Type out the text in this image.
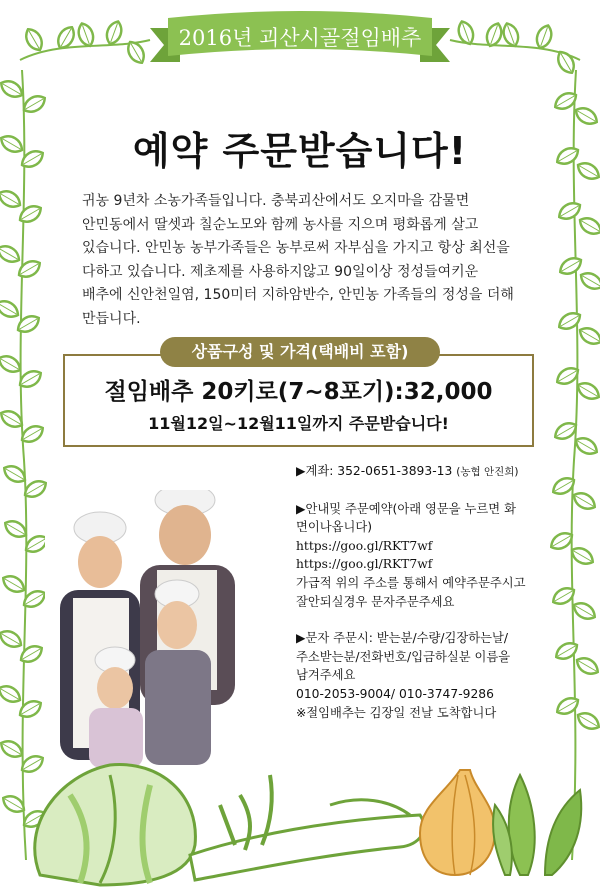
2016년 괴산시골절임배추
예약 주문받습니다!
귀농 9년차 소농가족들입니다. 충북괴산에서도 오지마을 감물면
안민동에서 딸셋과 칠순노모와 함께 농사를 지으며 평화롭게 살고
있습니다. 안민농 농부가족들은 농부로써 자부심을 가지고 항상 최선을
다하고 있습니다. 제초제를 사용하지않고 90일이상 정성들여키운
배추에 신안천일염, 150미터 지하암반수, 안민농 가족들의 정성을 더해
만듭니다.
상품구성 및 가격(택배비 포함)
절임배추 20키로(7~8포기):32,000
11월12일~12월11일까지 주문받습니다!
▶계좌: 352-0651-3893-13 (농협 안진희)
▶안내및 주문예약(아래 영문을 누르면 화
면이나옵니다)
https://goo.gl/RKT7wf
https://goo.gl/RKT7wf
가급적 위의 주소를 통해서 예약주문주시고
잘안되실경우 문자주문주세요
▶문자 주문시: 받는분/수량/김장하는날/
주소받는분/전화번호/입금하실분 이름을
남겨주세요
010-2053-9004/ 010-3747-9286
※절임배추는 김장일 전날 도착합니다
